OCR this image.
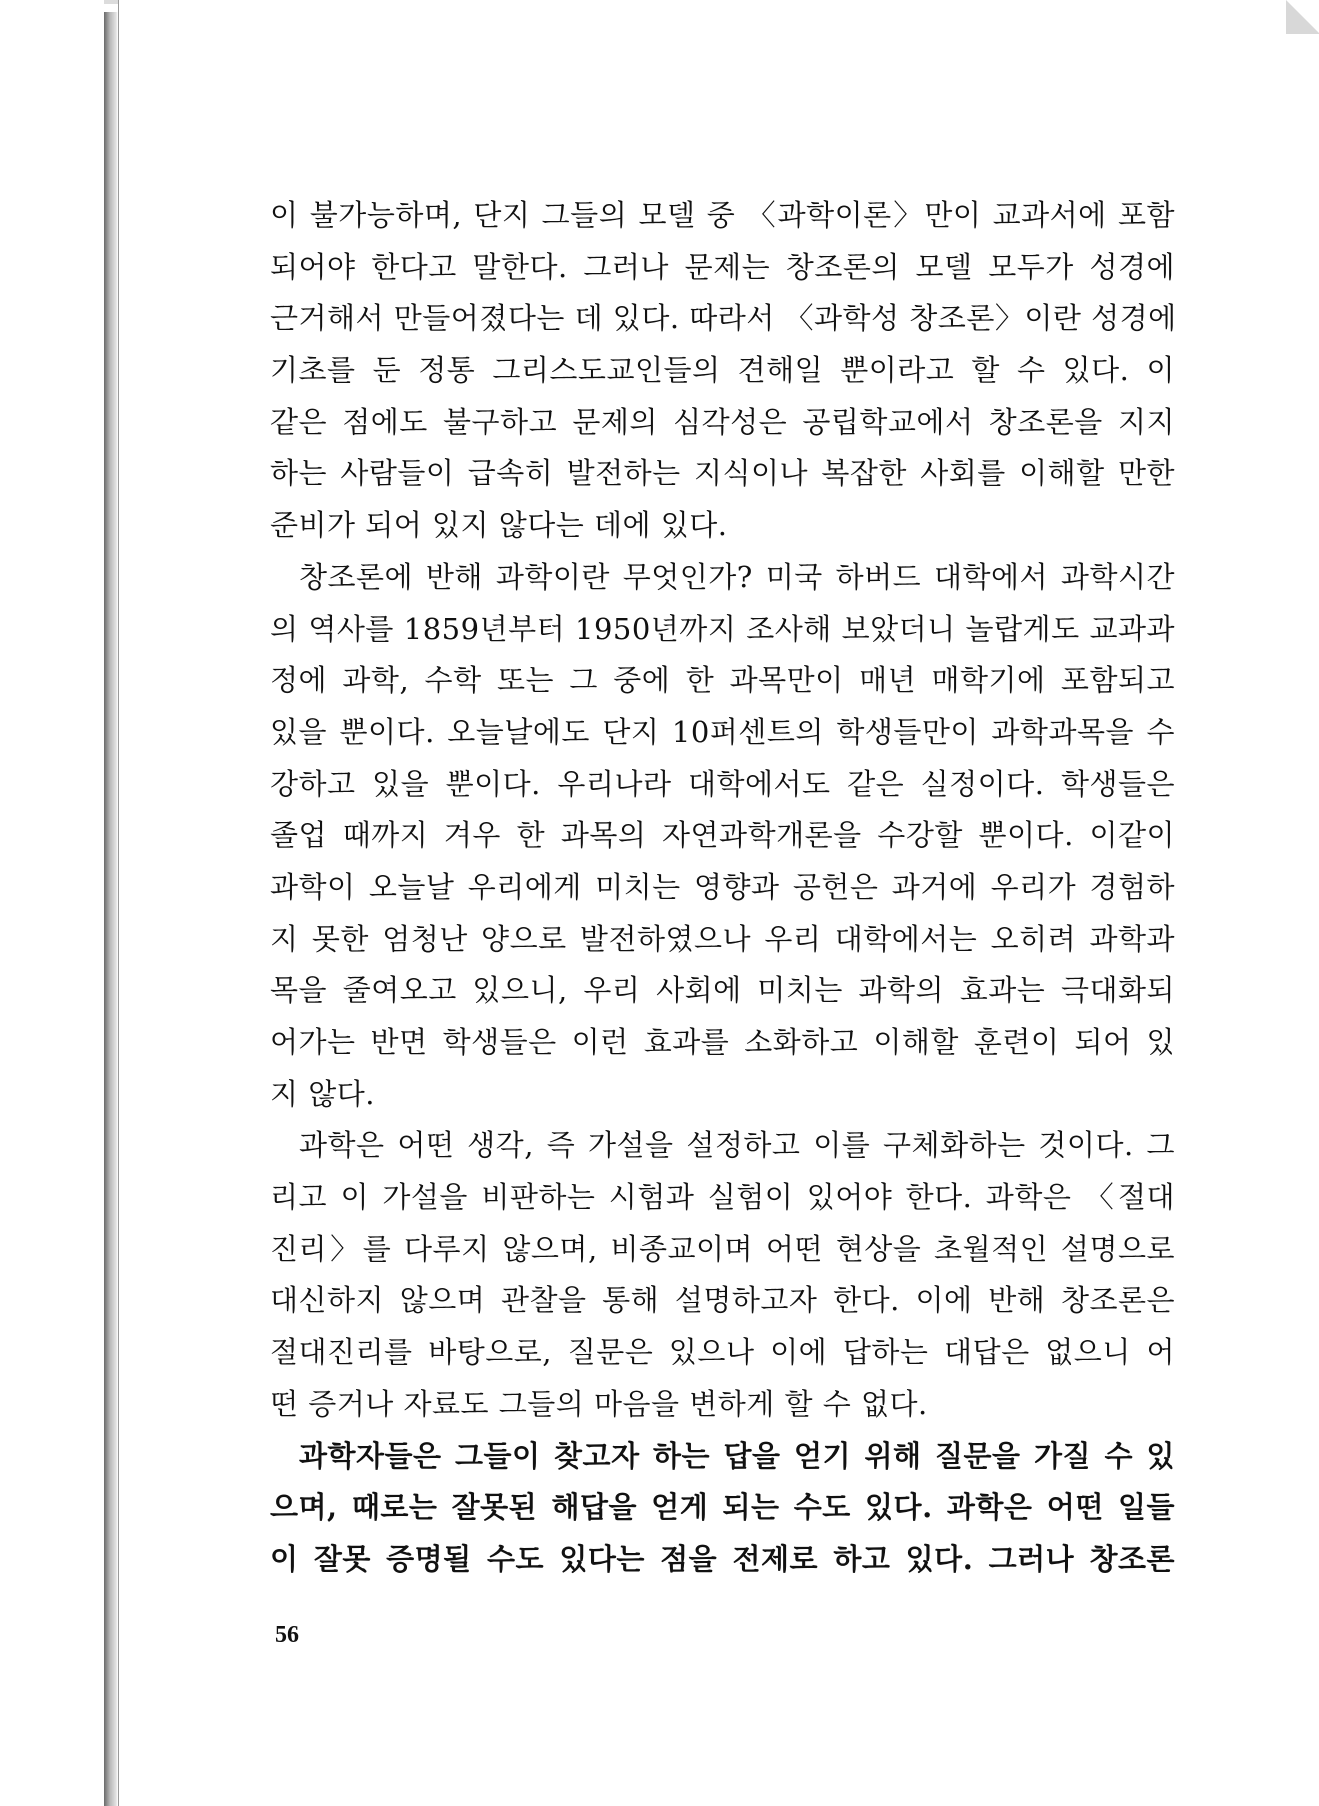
이 불가능하며, 단지 그들의 모델 중 〈과학이론〉만이 교과서에 포함
되어야 한다고 말한다. 그러나 문제는 창조론의 모델 모두가 성경에
근거해서 만들어졌다는 데 있다. 따라서 〈과학성 창조론〉이란 성경에
기초를 둔 정통 그리스도교인들의 견해일 뿐이라고 할 수 있다. 이
같은 점에도 불구하고 문제의 심각성은 공립학교에서 창조론을 지지
하는 사람들이 급속히 발전하는 지식이나 복잡한 사회를 이해할 만한
준비가 되어 있지 않다는 데에 있다.
창조론에 반해 과학이란 무엇인가? 미국 하버드 대학에서 과학시간
의 역사를 1859년부터 1950년까지 조사해 보았더니 놀랍게도 교과과
정에 과학, 수학 또는 그 중에 한 과목만이 매년 매학기에 포함되고
있을 뿐이다. 오늘날에도 단지 10퍼센트의 학생들만이 과학과목을 수
강하고 있을 뿐이다. 우리나라 대학에서도 같은 실정이다. 학생들은
졸업 때까지 겨우 한 과목의 자연과학개론을 수강할 뿐이다. 이같이
과학이 오늘날 우리에게 미치는 영향과 공헌은 과거에 우리가 경험하
지 못한 엄청난 양으로 발전하였으나 우리 대학에서는 오히려 과학과
목을 줄여오고 있으니, 우리 사회에 미치는 과학의 효과는 극대화되
어가는 반면 학생들은 이런 효과를 소화하고 이해할 훈련이 되어 있
지 않다.
과학은 어떤 생각, 즉 가설을 설정하고 이를 구체화하는 것이다. 그
리고 이 가설을 비판하는 시험과 실험이 있어야 한다. 과학은 〈절대
진리〉를 다루지 않으며, 비종교이며 어떤 현상을 초월적인 설명으로
대신하지 않으며 관찰을 통해 설명하고자 한다. 이에 반해 창조론은
절대진리를 바탕으로, 질문은 있으나 이에 답하는 대답은 없으니 어
떤 증거나 자료도 그들의 마음을 변하게 할 수 없다.
과학자들은 그들이 찾고자 하는 답을 얻기 위해 질문을 가질 수 있
으며, 때로는 잘못된 해답을 얻게 되는 수도 있다. 과학은 어떤 일들
이 잘못 증명될 수도 있다는 점을 전제로 하고 있다. 그러나 창조론
56
